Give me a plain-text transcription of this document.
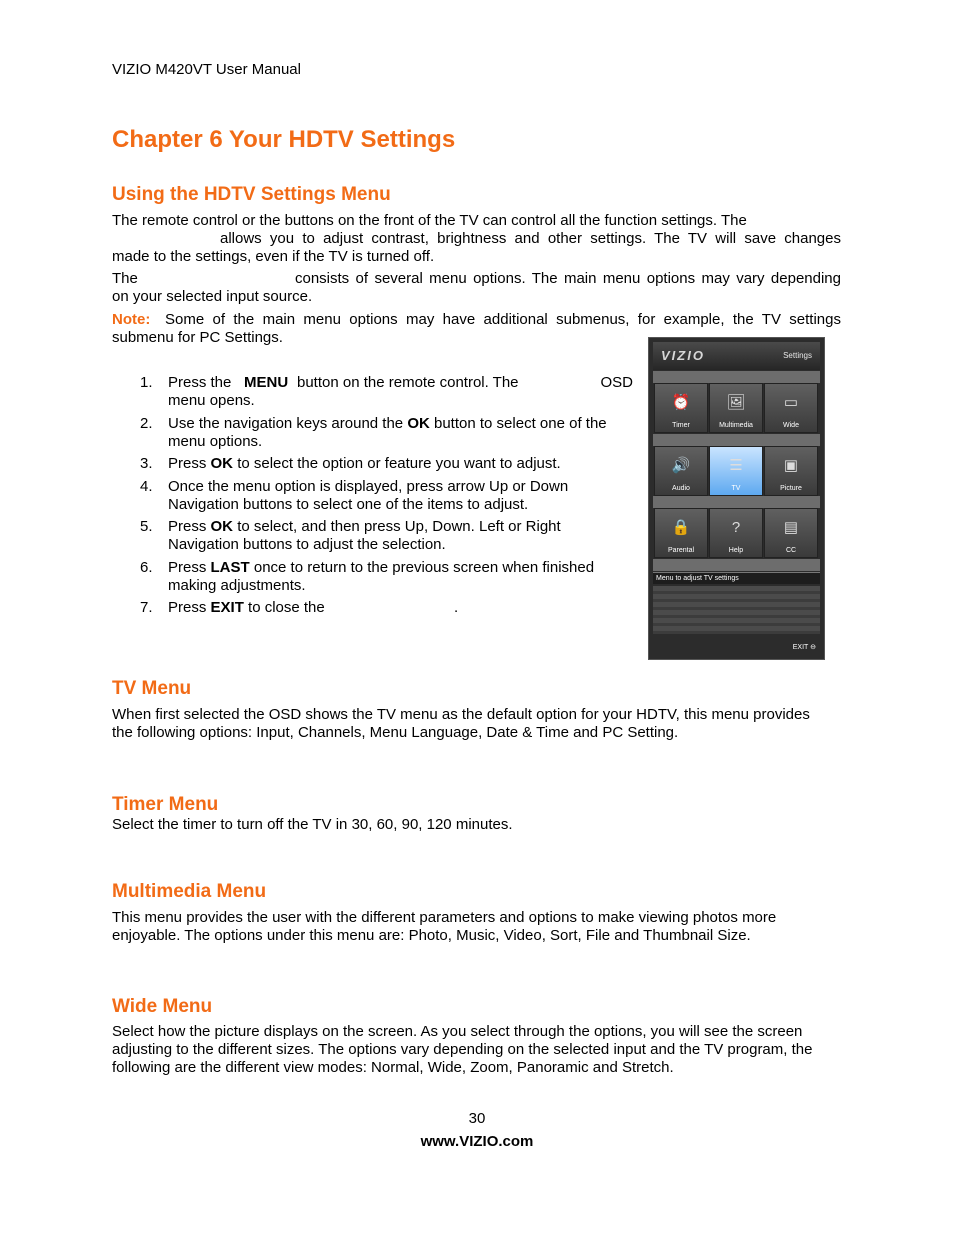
VIZIO M420VT User Manual
Chapter 6 Your HDTV Settings
Using the HDTV Settings Menu
The remote control or the buttons on the front of the TV can control all the function settings. The
allows you to adjust contrast, brightness and other settings. The TV will save changes
made to the settings, even if the TV is turned off.
The	consists of several menu options. The main menu options may vary depending
on your selected input source.
Note: Some of the main menu options may have additional submenus, for example, the TV settings
submenu for PC Settings.
1.	Press the MENU button on the remote control. The	OSD
menu opens.
2.	Use the navigation keys around the OK button to select one of the
menu options.
3.	Press OK to select the option or feature you want to adjust.
4.	Once the menu option is displayed, press arrow Up or Down
Navigation buttons to select one of the items to adjust.
5.	Press OK to select, and then press Up, Down. Left or Right
Navigation buttons to adjust the selection.
6.	Press LAST once to return to the previous screen when finished
making adjustments.
7.	Press EXIT to close the	.
VIZIO	Settings
⏰
Timer
🖼
Multimedia
▭
Wide
🔊
Audio
☰
TV
▣
Picture
🔒
Parental
?
Help
▤
CC
Menu to adjust TV settings
EXIT ⊖
TV Menu
When first selected the OSD shows the TV menu as the default option for your HDTV, this menu provides
the following options: Input, Channels, Menu Language, Date & Time and PC Setting.
Timer Menu
Select the timer to turn off the TV in 30, 60, 90, 120 minutes.
Multimedia Menu
This menu provides the user with the different parameters and options to make viewing photos more
enjoyable. The options under this menu are: Photo, Music, Video, Sort, File and Thumbnail Size.
Wide Menu
Select how the picture displays on the screen. As you select through the options, you will see the screen
adjusting to the different sizes. The options vary depending on the selected input and the TV program, the
following are the different view modes: Normal, Wide, Zoom, Panoramic and Stretch.
30
www.VIZIO.com
